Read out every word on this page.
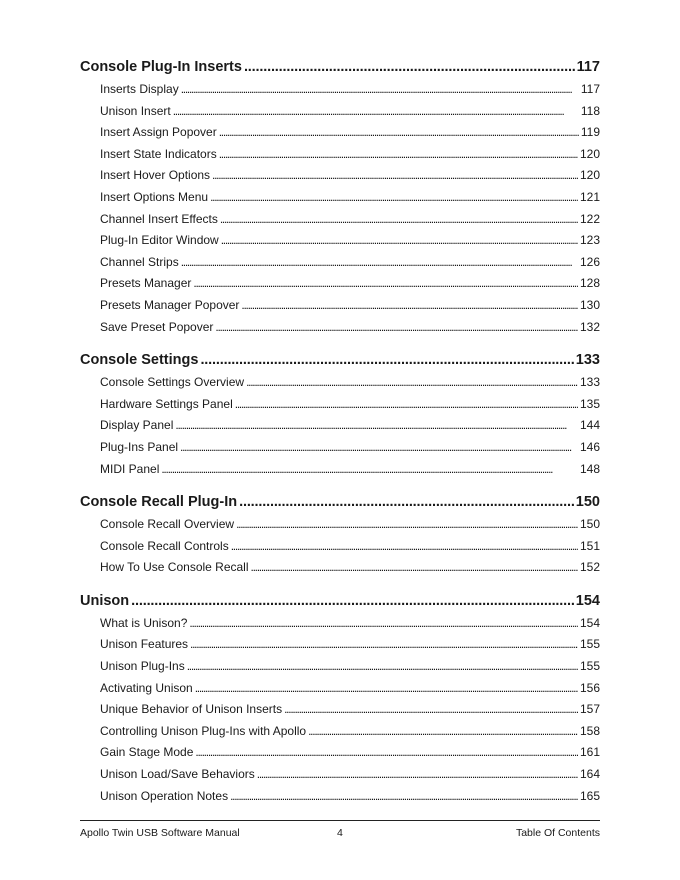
Console Plug-In Inserts . . .	117
Inserts Display . . .	117
Unison Insert . . .	118
Insert Assign Popover . . .	119
Insert State Indicators . . .	120
Insert Hover Options . . .	120
Insert Options Menu . . .	121
Channel Insert Effects . . .	122
Plug-In Editor Window . . .	123
Channel Strips . . .	126
Presets Manager . . .	128
Presets Manager Popover . . .	130
Save Preset Popover . . .	132
Console Settings . . .	133
Console Settings Overview . . .	133
Hardware Settings Panel . . .	135
Display Panel . . .	144
Plug-Ins Panel . . .	146
MIDI Panel . . .	148
Console Recall Plug-In . . .	150
Console Recall Overview . . .	150
Console Recall Controls . . .	151
How To Use Console Recall . . .	152
Unison . . .	154
What is Unison? . . .	154
Unison Features . . .	155
Unison Plug-Ins . . .	155
Activating Unison . . .	156
Unique Behavior of Unison Inserts . . .	157
Controlling Unison Plug-Ins with Apollo . . .	158
Gain Stage Mode . . .	161
Unison Load/Save Behaviors . . .	164
Unison Operation Notes . . .	165
Apollo Twin USB Software Manual	4	Table Of Contents
